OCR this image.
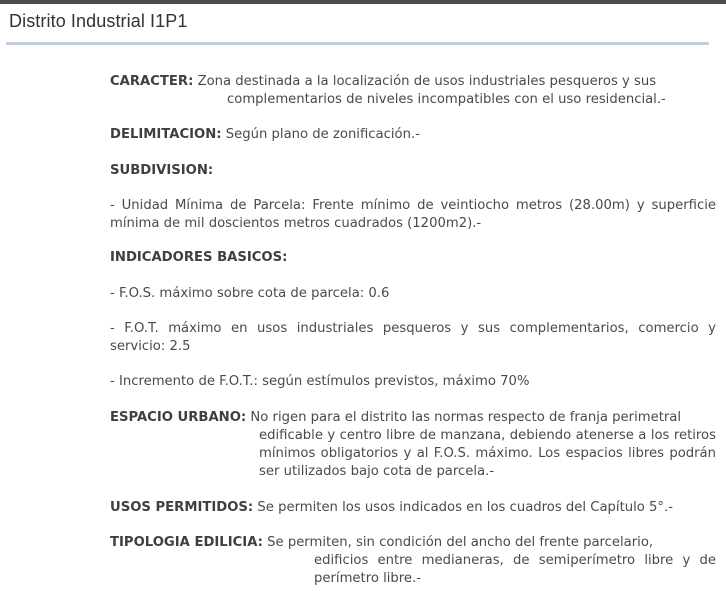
Distrito Industrial I1P1
CARACTER: Zona destinada a la localización de usos industriales pesqueros y sus
complementarios de niveles incompatibles con el uso residencial.-
DELIMITACION: Según plano de zonificación.-
SUBDIVISION:
- Unidad Mínima de Parcela: Frente mínimo de veintiocho metros (28.00m) y superficie mínima de mil doscientos metros cuadrados (1200m2).-
INDICADORES BASICOS:
- F.O.S. máximo sobre cota de parcela: 0.6
- F.O.T. máximo en usos industriales pesqueros y sus complementarios, comercio y servicio: 2.5
- Incremento de F.O.T.: según estímulos previstos, máximo 70%
ESPACIO URBANO: No rigen para el distrito las normas respecto de franja perimetral
edificable y centro libre de manzana, debiendo atenerse a los retiros mínimos obligatorios y al F.O.S. máximo. Los espacios libres podrán ser utilizados bajo cota de parcela.-
USOS PERMITIDOS: Se permiten los usos indicados en los cuadros del Capítulo 5°.-
TIPOLOGIA EDILICIA: Se permiten, sin condición del ancho del frente parcelario,
edificios entre medianeras, de semiperímetro libre y de perímetro libre.-
